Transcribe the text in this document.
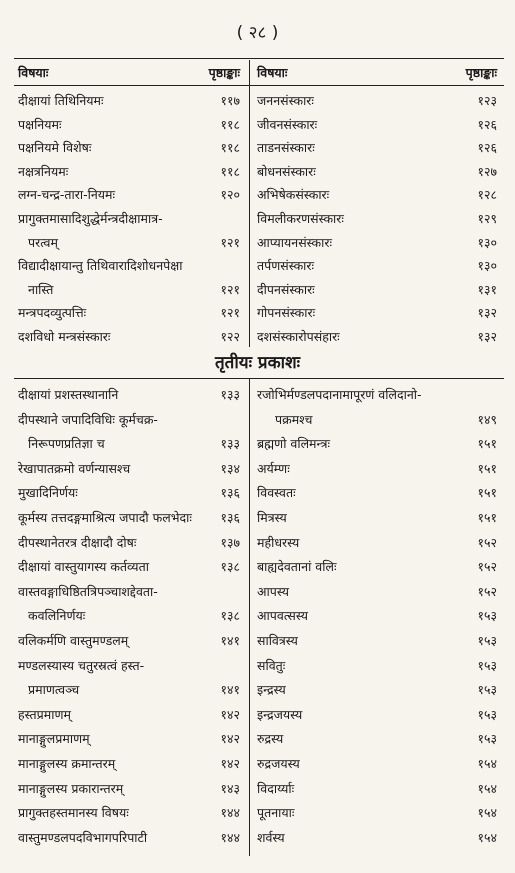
( २८ )
विषयाः	पृष्ठाङ्काः विषयाः	पृष्ठाङ्काः
दीक्षायां तिथिनियमः	११७
पक्षनियमः	११८
पक्षनियमे विशेषः	११८
नक्षत्रनियमः	११८
लग्न-चन्द्र-तारा-नियमः	१२०
प्रागुक्तमासादिशुद्धेर्मन्त्रदीक्षामात्र-
परत्वम्	१२१
विद्यादीक्षायान्तु तिथिवारादिशोधनपेक्षा
नास्ति	१२१
मन्त्रपदव्युत्पत्तिः	१२१
दशविधो मन्त्रसंस्कारः	१२२
जननसंस्कारः	१२३
जीवनसंस्कारः	१२६
ताडनसंस्कारः	१२६
बोधनसंस्कारः	१२७
अभिषेकसंस्कारः	१२८
विमलीकरणसंस्कारः	१२९
आप्यायनसंस्कारः	१३०
तर्पणसंस्कारः	१३०
दीपनसंस्कारः	१३१
गोपनसंस्कारः	१३२
दशसंस्कारोपसंहारः	१३२
तृतीयः प्रकाशः
दीक्षायां प्रशस्तस्थानानि	१३३
दीपस्थाने जपादिविधिः कूर्मचक्र-
निरूपणप्रतिज्ञा च	१३३
रेखापातक्रमो वर्णन्यासश्च	१३४
मुखादिनिर्णयः	१३६
कूर्मस्य तत्तदङ्गमाश्रित्य जपादौ फलभेदाः १३६
दीपस्थानेतरत्र दीक्षादौ दोषः	१३७
दीक्षायां वास्तुयागस्य कर्तव्यता	१३८
वास्तवङ्गाधिष्ठितत्रिपञ्चाशद्देवता-
कवलिनिर्णयः	१३८
वलिकर्मणि वास्तुमण्डलम्	१४१
मण्डलस्यास्य चतुरस्रत्वं हस्त-
प्रमाणत्वञ्च	१४१
हस्तप्रमाणम्	१४२
मानाङ्गुलप्रमाणम्	१४२
मानाङ्गुलस्य क्रमान्तरम्	१४२
मानाङ्गुलस्य प्रकारान्तरम्	१४३
प्रागुक्तहस्तमानस्य विषयः	१४४
वास्तुमण्डलपदविभागपरिपाटी	१४४
रजोभिर्मण्डलपदानामापूरणं वलिदानो-
पक्रमश्च	१४९
ब्रह्मणो वलिमन्त्रः	१५१
अर्यम्णः	१५१
विवस्वतः	१५१
मित्रस्य	१५१
महीधरस्य	१५२
बाह्यदेवतानां वलिः	१५२
आपस्य	१५२
आपवत्सस्य	१५३
सावित्रस्य	१५३
सवितुः	१५३
इन्द्रस्य	१५३
इन्द्रजयस्य	१५३
रुद्रस्य	१५३
रुद्रजयस्य	१५४
विदार्य्याः	१५४
पूतनायाः	१५४
शर्वस्य	१५४
